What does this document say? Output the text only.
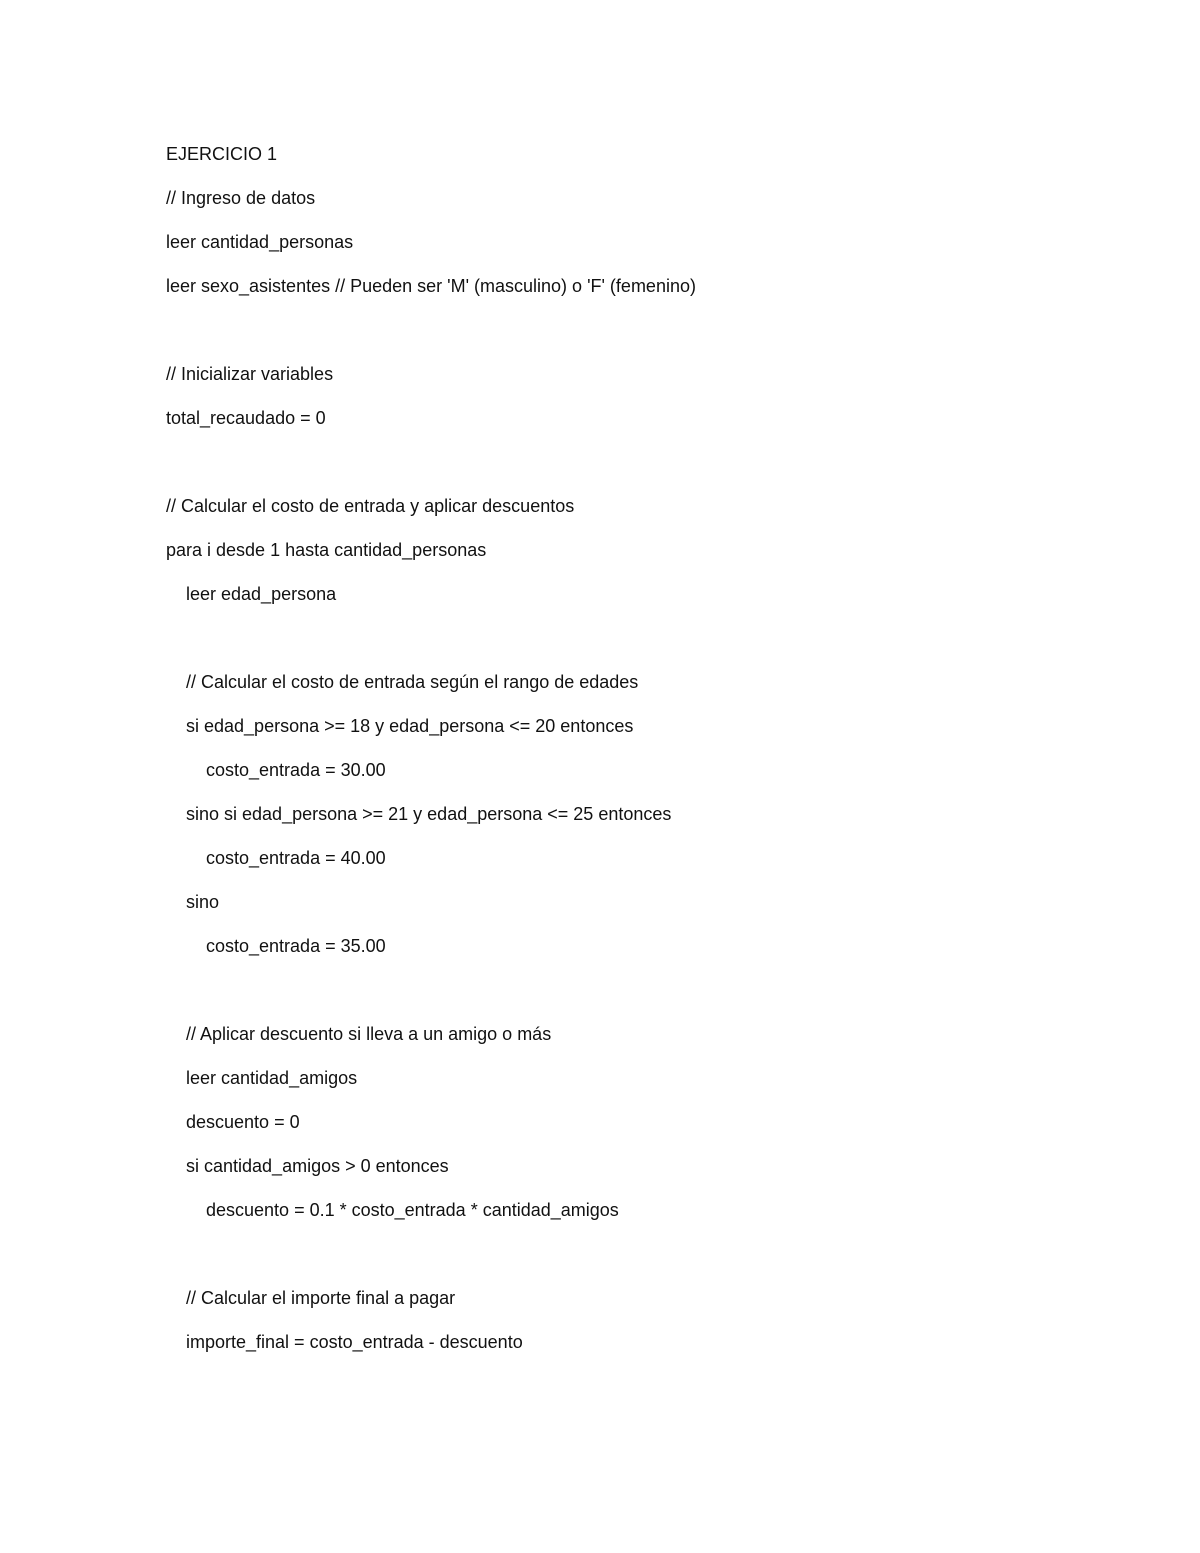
EJERCICIO 1
// Ingreso de datos
leer cantidad_personas
leer sexo_asistentes // Pueden ser 'M' (masculino) o 'F' (femenino)
// Inicializar variables
total_recaudado = 0
// Calcular el costo de entrada y aplicar descuentos
para i desde 1 hasta cantidad_personas
leer edad_persona
// Calcular el costo de entrada según el rango de edades
si edad_persona >= 18 y edad_persona <= 20 entonces
costo_entrada = 30.00
sino si edad_persona >= 21 y edad_persona <= 25 entonces
costo_entrada = 40.00
sino
costo_entrada = 35.00
// Aplicar descuento si lleva a un amigo o más
leer cantidad_amigos
descuento = 0
si cantidad_amigos > 0 entonces
descuento = 0.1 * costo_entrada * cantidad_amigos
// Calcular el importe final a pagar
importe_final = costo_entrada - descuento
